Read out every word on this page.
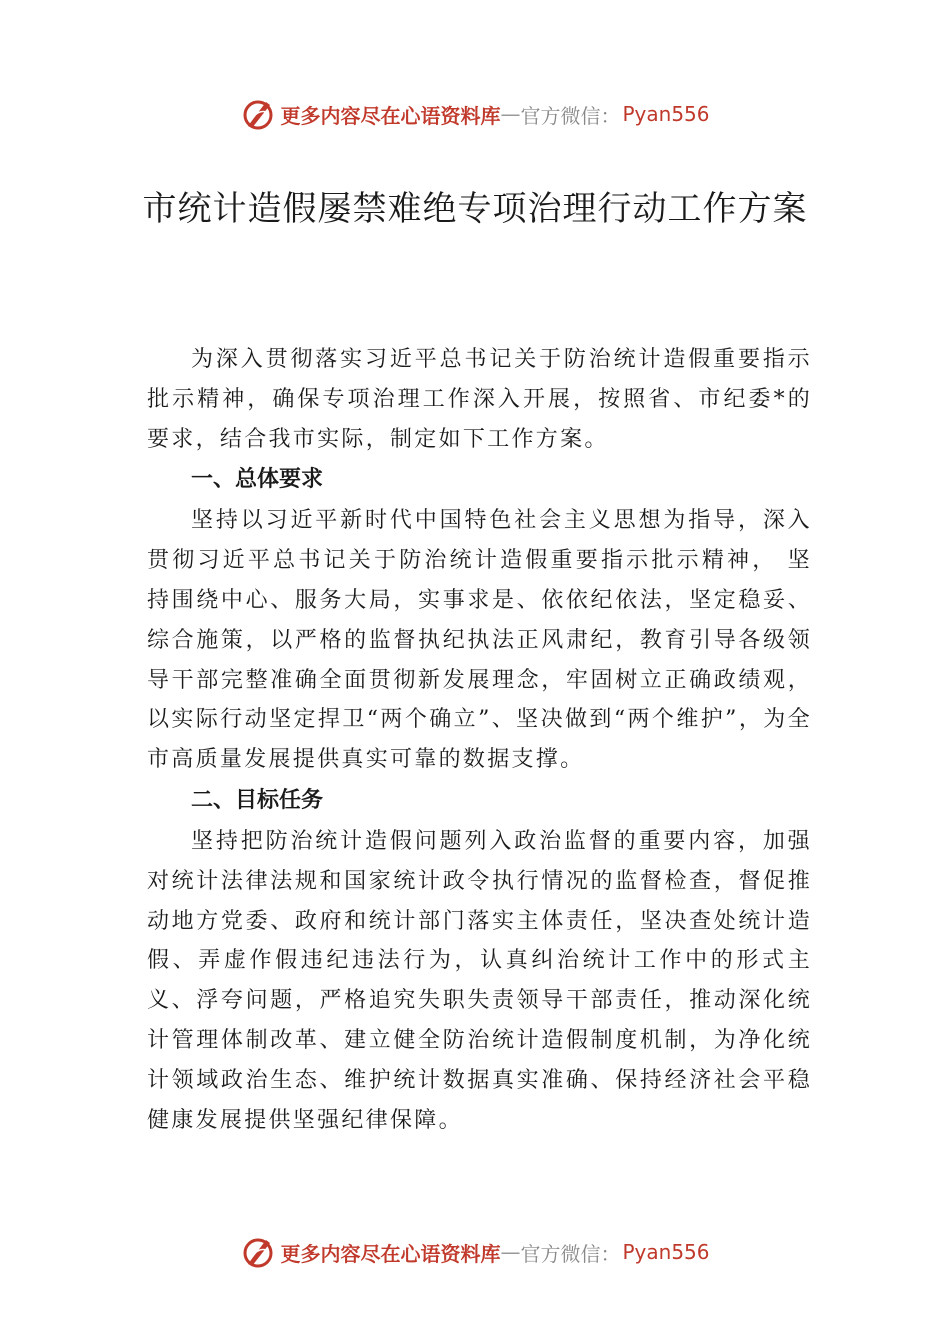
更多内容尽在心语资料库 — 官方微信： Pyan556
市统计造假屡禁难绝专项治理行动工作方案

为深入贯彻落实习近平总书记关于防治统计造假重要指示批示精神，确保专项治理工作深入开展，按照省、市纪委*的要求，结合我市实际，制定如下工作方案。

一、总体要求

坚持以习近平新时代中国特色社会主义思想为指导，深入贯彻习近平总书记关于防治统计造假重要指示批示精神， 坚持围绕中心、服务大局，实事求是、依依纪依法，坚定稳妥、综合施策，以严格的监督执纪执法正风肃纪，教育引导各级领导干部完整准确全面贯彻新发展理念，牢固树立正确政绩观，以实际行动坚定捍卫“两个确立”、坚决做到“两个维护”，为全市高质量发展提供真实可靠的数据支撑。

二、目标任务

坚持把防治统计造假问题列入政治监督的重要内容，加强对统计法律法规和国家统计政令执行情况的监督检查，督促推动地方党委、政府和统计部门落实主体责任，坚决查处统计造假、弄虚作假违纪违法行为，认真纠治统计工作中的形式主义、浮夸问题，严格追究失职失责领导干部责任，推动深化统计管理体制改革、建立健全防治统计造假制度机制，为净化统计领域政治生态、维护统计数据真实准确、保持经济社会平稳健康发展提供坚强纪律保障。

更多内容尽在心语资料库 — 官方微信： Pyan556
